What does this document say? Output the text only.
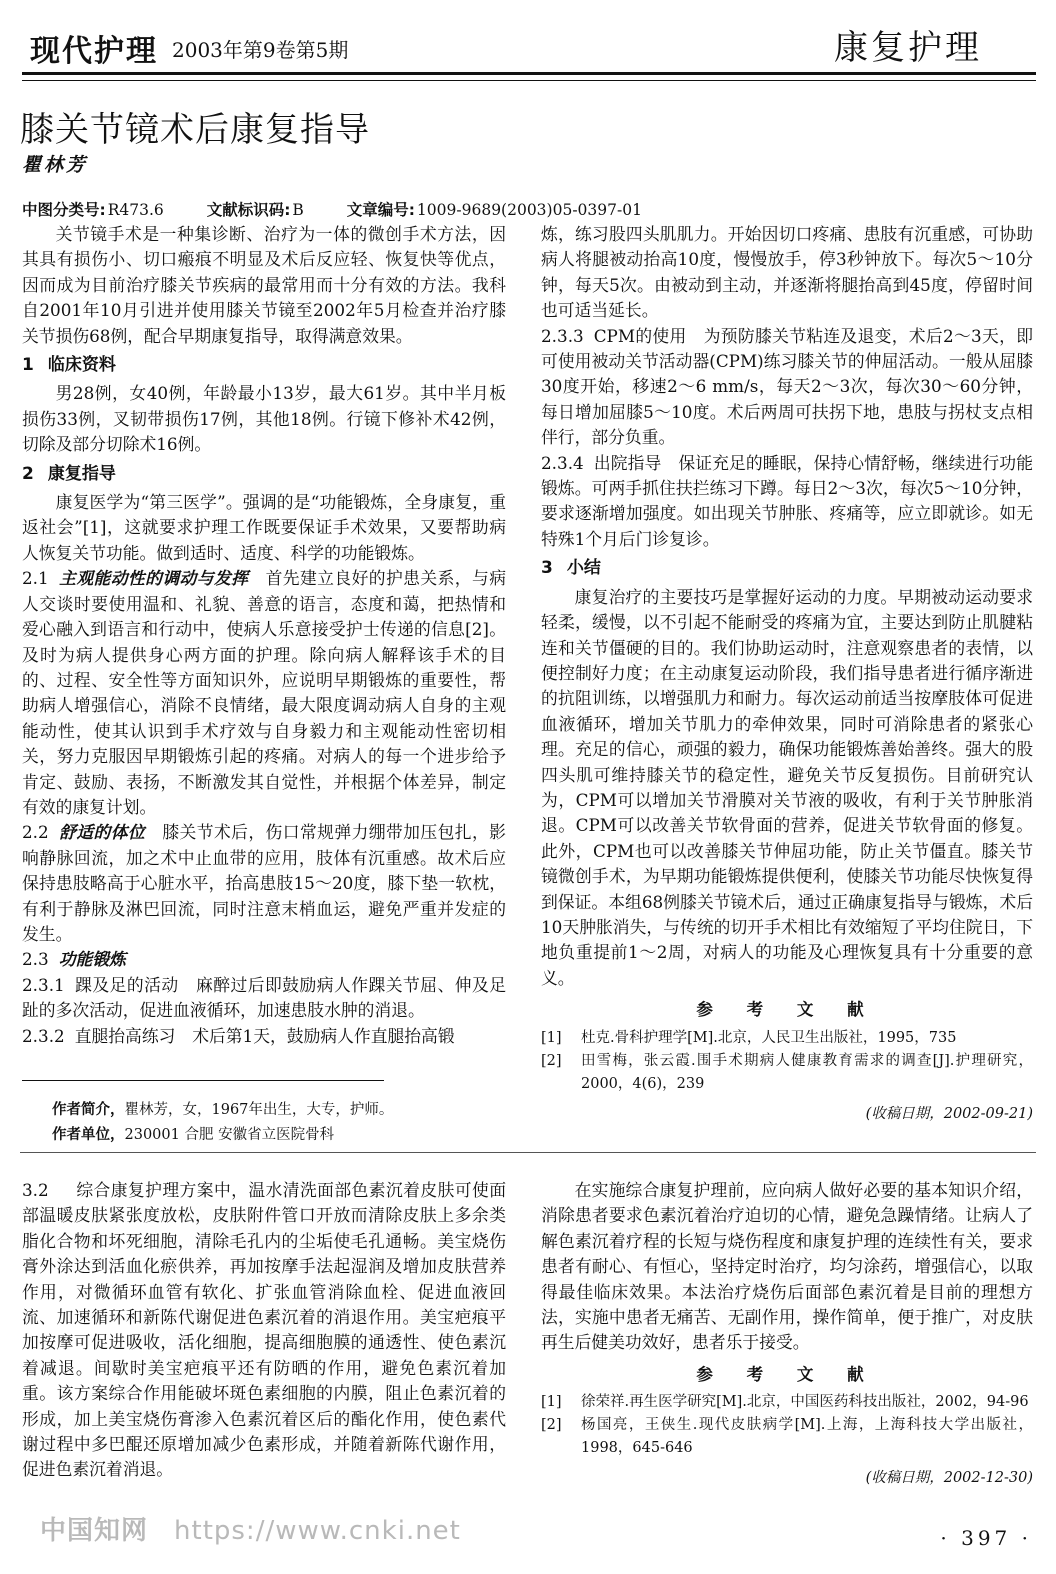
现代护理 2003年第9卷第5期	康复护理
膝关节镜术后康复指导
瞿林芳
中图分类号: R473.6	文献标识码: B	文章编号: 1009-9689(2003)05-0397-01

关节镜手术是一种集诊断、治疗为一体的微创手术方法，因其具有损伤小、切口瘢痕不明显及术后反应轻、恢复快等优点，因而成为目前治疗膝关节疾病的最常用而十分有效的方法。我科自2001年10月引进并使用膝关节镜至2002年5月检查并治疗膝关节损伤68例，配合早期康复指导，取得满意效果。

1 临床资料

男28例，女40例，年龄最小13岁，最大61岁。其中半月板损伤33例，叉韧带损伤17例，其他18例。行镜下修补术42例，切除及部分切除术16例。

2 康复指导

康复医学为“第三医学”。强调的是“功能锻炼，全身康复，重返社会”[1]，这就要求护理工作既要保证手术效果，又要帮助病人恢复关节功能。做到适时、适度、科学的功能锻炼。

2.1 主观能动性的调动与发挥　 首先建立良好的护患关系，与病人交谈时要使用温和、礼貌、善意的语言，态度和蔼，把热情和爱心融入到语言和行动中，使病人乐意接受护士传递的信息[2]。及时为病人提供身心两方面的护理。除向病人解释该手术的目的、过程、安全性等方面知识外，应说明早期锻炼的重要性，帮助病人增强信心，消除不良情绪，最大限度调动病人自身的主观能动性，使其认识到手术疗效与自身毅力和主观能动性密切相关，努力克服因早期锻炼引起的疼痛。对病人的每一个进步给予肯定、鼓励、表扬，不断激发其自觉性，并根据个体差异，制定有效的康复计划。

2.2 舒适的体位　 膝关节术后，伤口常规弹力绷带加压包扎，影响静脉回流，加之术中止血带的应用，肢体有沉重感。故术后应保持患肢略高于心脏水平，抬高患肢15～20度，膝下垫一软枕，有利于静脉及淋巴回流，同时注意末梢血运，避免严重并发症的发生。

2.3 功能锻炼

2.3.1 踝及足的活动　 麻醉过后即鼓励病人作踝关节屈、伸及足趾的多次活动，促进血液循环，加速患肢水肿的消退。

2.3.2 直腿抬高练习　 术后第1天，鼓励病人作直腿抬高锻

炼，练习股四头肌肌力。开始因切口疼痛、患肢有沉重感，可协助病人将腿被动抬高10度，慢慢放手，停3秒钟放下。每次5～10分钟，每天5次。由被动到主动，并逐渐将腿抬高到45度，停留时间也可适当延长。

2.3.3 CPM的使用　 为预防膝关节粘连及退变，术后2～3天，即可使用被动关节活动器(CPM)练习膝关节的伸屈活动。一般从屈膝30度开始，移速2～6 mm/s，每天2～3次，每次30～60分钟，每日增加屈膝5～10度。术后两周可扶拐下地，患肢与拐杖支点相伴行，部分负重。

2.3.4 出院指导　 保证充足的睡眠，保持心情舒畅，继续进行功能锻炼。可两手抓住扶拦练习下蹲。每日2～3次，每次5～10分钟，要求逐渐增加强度。如出现关节肿胀、疼痛等，应立即就诊。如无特殊1个月后门诊复诊。

3 小结

康复治疗的主要技巧是掌握好运动的力度。早期被动运动要求轻柔，缓慢，以不引起不能耐受的疼痛为宜，主要达到防止肌腱粘连和关节僵硬的目的。我们协助运动时，注意观察患者的表情，以便控制好力度；在主动康复运动阶段，我们指导患者进行循序渐进的抗阻训练，以增强肌力和耐力。每次运动前适当按摩肢体可促进血液循环，增加关节肌力的牵伸效果，同时可消除患者的紧张心理。充足的信心，顽强的毅力，确保功能锻炼善始善终。强大的股四头肌可维持膝关节的稳定性，避免关节反复损伤。目前研究认为，CPM可以增加关节滑膜对关节液的吸收，有利于关节肿胀消退。CPM可以改善关节软骨面的营养，促进关节软骨面的修复。此外，CPM也可以改善膝关节伸屈功能，防止关节僵直。膝关节镜微创手术，为早期功能锻炼提供便利，使膝关节功能尽快恢复得到保证。本组68例膝关节镜术后，通过正确康复指导与锻炼，术后10天肿胀消失，与传统的切开手术相比有效缩短了平均住院日，下地负重提前1～2周，对病人的功能及心理恢复具有十分重要的意义。

参 考 文 献
[1]	杜克.骨科护理学[M].北京，人民卫生出版社，1995，735
[2]	田雪梅，张云霞.围手术期病人健康教育需求的调查[J].护理研究，2000，4(6)，239
(收稿日期，2002-09-21)
作者简介，瞿林芳，女，1967年出生，大专，护师。
作者单位，230001 合肥 安徽省立医院骨科

3.2　 综合康复护理方案中，温水清洗面部色素沉着皮肤可使面部温暖皮肤紧张度放松，皮肤附件管口开放而清除皮肤上多余类脂化合物和坏死细胞，清除毛孔内的尘垢使毛孔通畅。美宝烧伤膏外涂达到活血化瘀供养，再加按摩手法起湿润及增加皮肤营养作用，对微循环血管有软化、扩张血管消除血栓、促进血液回流、加速循环和新陈代谢促进色素沉着的消退作用。美宝疤痕平加按摩可促进吸收，活化细胞，提高细胞膜的通透性、使色素沉着减退。间歇时美宝疤痕平还有防晒的作用，避免色素沉着加重。该方案综合作用能破坏斑色素细胞的内膜，阻止色素沉着的形成，加上美宝烧伤膏渗入色素沉着区后的酯化作用，使色素代谢过程中多巴醌还原增加减少色素形成，并随着新陈代谢作用，促进色素沉着消退。

在实施综合康复护理前，应向病人做好必要的基本知识介绍，消除患者要求色素沉着治疗迫切的心情，避免急躁情绪。让病人了解色素沉着疗程的长短与烧伤程度和康复护理的连续性有关，要求患者有耐心、有恒心，坚持定时治疗，均匀涂药，增强信心，以取得最佳临床效果。本法治疗烧伤后面部色素沉着是目前的理想方法，实施中患者无痛苦、无副作用，操作简单，便于推广，对皮肤再生后健美功效好，患者乐于接受。

参 考 文 献
[1]	徐荣祥.再生医学研究[M].北京，中国医药科技出版社，2002，94-96
[2]	杨国亮，王侠生.现代皮肤病学[M].上海，上海科技大学出版社，1998，645-646
(收稿日期，2002-12-30)
中国知网 https://www.cnki.net	· 397 ·
